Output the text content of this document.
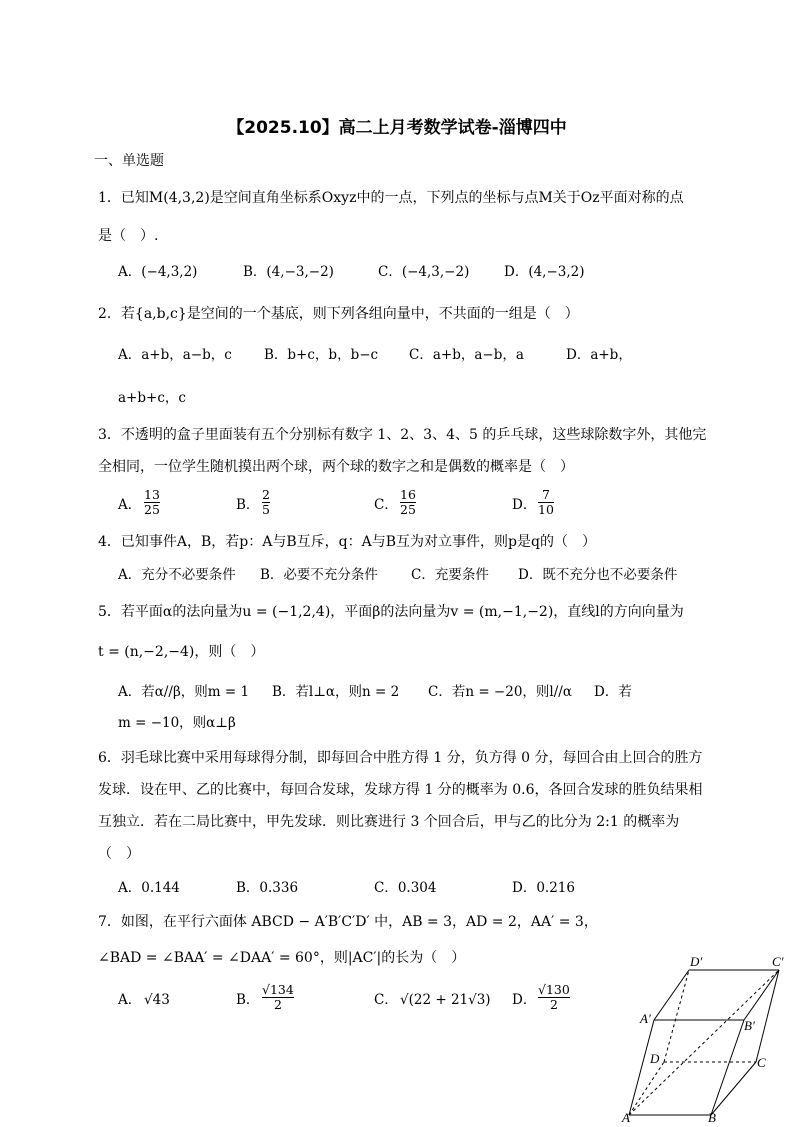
【2025.10】高二上月考数学试卷-淄博四中
一、单选题
1．已知M(4,3,2)是空间直角坐标系Oxyz中的一点，下列点的坐标与点M关于Oz平面对称的点
是（　）.
A．(−4,3,2)	B．(4,−3,−2)	C．(−4,3,−2)	D．(4,−3,2)
2．若{a,b,c}是空间的一个基底，则下列各组向量中，不共面的一组是（　）
A．a+b，a−b，c B．b+c，b，b−c C．a+b，a−b，a	D．a+b，
a+b+c，c
3．不透明的盒子里面装有五个分别标有数字 1、2、3、4、5 的乒乓球，这些球除数字外，其他完
全相同，一位学生随机摸出两个球，两个球的数字之和是偶数的概率是（　）
A．
13
25	B．
2
5	C．
16
25	D．
7
10
4．已知事件A，B，若p：A与B互斥，q：A与B互为对立事件，则p是q的（　）
A．充分不必要条件 B．必要不充分条件 C．充要条件 D．既不充分也不必要条件
5．若平面α的法向量为u = (−1,2,4)，平面β的法向量为v = (m,−1,−2)，直线l的方向向量为
t = (n,−2,−4)，则（　）
A．若α//β，则m = 1 B．若l⊥α，则n = 2 C．若n = −20，则l//α D．若
m = −10，则α⊥β
6．羽毛球比赛中采用每球得分制，即每回合中胜方得 1 分，负方得 0 分，每回合由上回合的胜方
发球．设在甲、乙的比赛中，每回合发球，发球方得 1 分的概率为 0.6，各回合发球的胜负结果相
互独立．若在二局比赛中，甲先发球．则比赛进行 3 个回合后，甲与乙的比分为 2:1 的概率为
（　）
A．0.144	B．0.336	C．0.304	D．0.216
7．如图，在平行六面体 ABCD − A′B′C′D′ 中，AB = 3，AD = 2，AA′ = 3，
∠BAD = ∠BAA′ = ∠DAA′ = 60°，则|AC′|的长为（　）
A． √43	B．
√134
2	C． √(22 + 21√3) D．
√130
2
D′	C′
A′	B′
D	C
A	B
